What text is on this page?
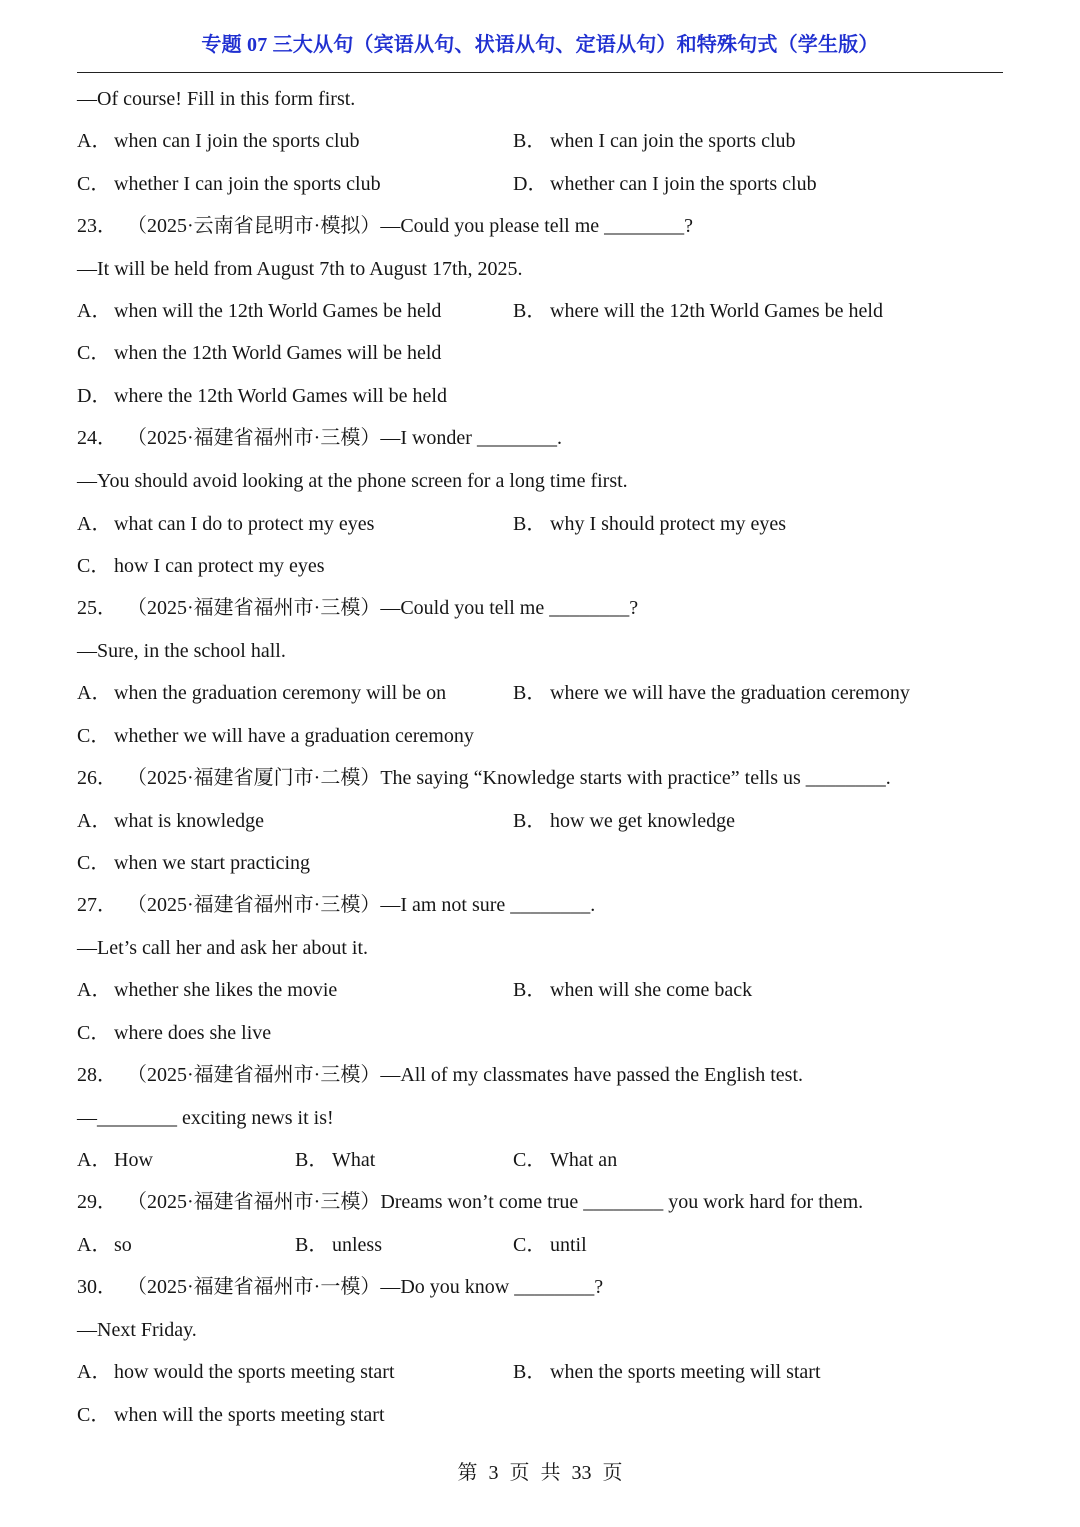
专题 07 三大从句（宾语从句、状语从句、定语从句）和特殊句式（学生版）
—Of course! Fill in this form first.
A． when can I join the sports club	B． when I can join the sports club
C． whether I can join the sports club	D． whether can I join the sports club
23． （2025·云南省昆明市·模拟）—Could you please tell me ________?
—It will be held from August 7th to August 17th, 2025.
A． when will the 12th World Games be held	B． where will the 12th World Games be held
C． when the 12th World Games will be held
D． where the 12th World Games will be held
24． （2025·福建省福州市·三模）—I wonder ________.
—You should avoid looking at the phone screen for a long time first.
A． what can I do to protect my eyes	B． why I should protect my eyes
C． how I can protect my eyes
25． （2025·福建省福州市·三模）—Could you tell me ________?
—Sure, in the school hall.
A． when the graduation ceremony will be on	B． where we will have the graduation ceremony
C． whether we will have a graduation ceremony
26． （2025·福建省厦门市·二模）The saying “Knowledge starts with practice” tells us ________.
A． what is knowledge	B． how we get knowledge
C． when we start practicing
27． （2025·福建省福州市·三模）—I am not sure ________.
—Let’s call her and ask her about it.
A． whether she likes the movie	B． when will she come back
C． where does she live
28． （2025·福建省福州市·三模）—All of my classmates have passed the English test.
—________ exciting news it is!
A． How	B． What	C． What an
29． （2025·福建省福州市·三模）Dreams won’t come true ________ you work hard for them.
A． so	B． unless	C． until
30． （2025·福建省福州市·一模）—Do you know ________?
—Next Friday.
A． how would the sports meeting start	B． when the sports meeting will start
C． when will the sports meeting start
第 3 页 共 33 页
